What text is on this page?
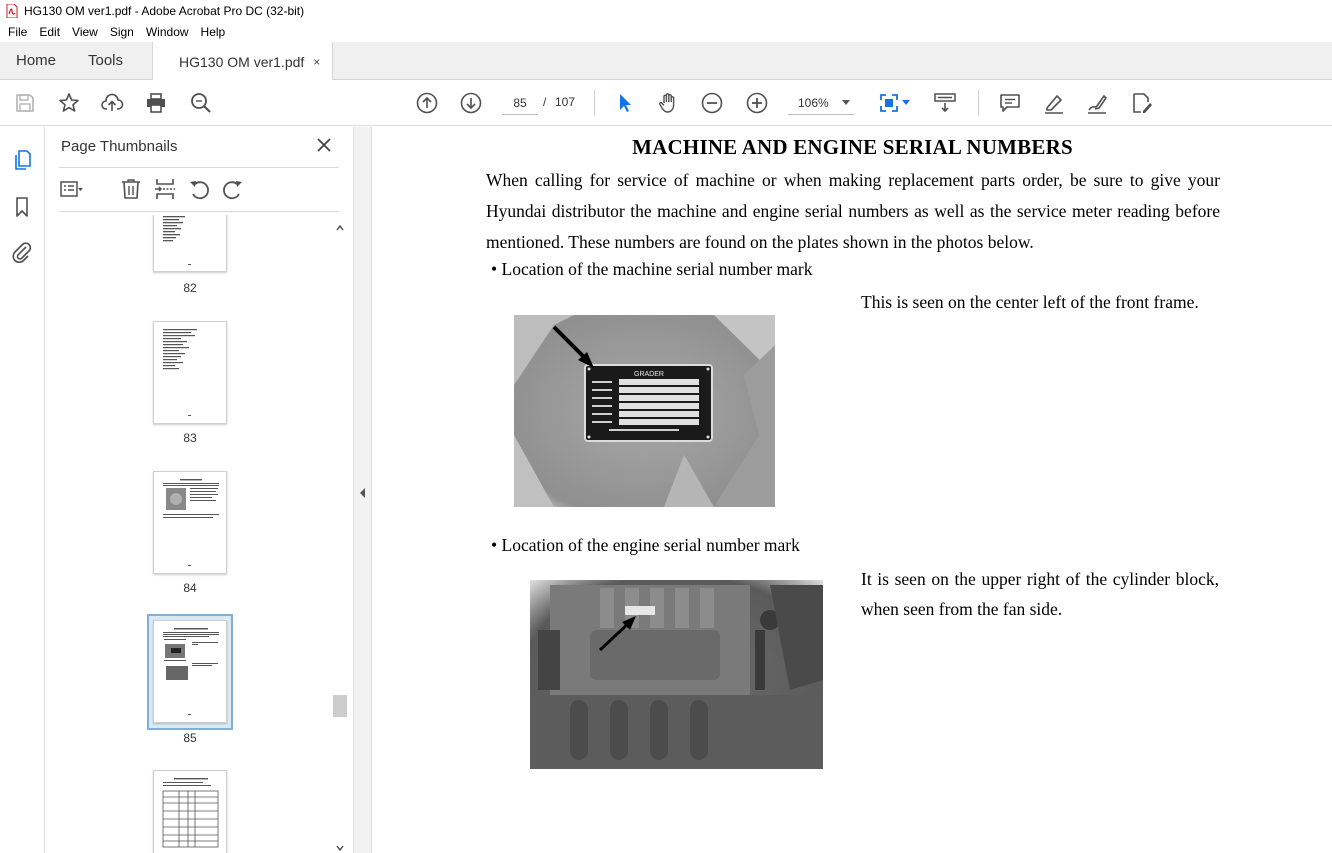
HG130 OM ver1.pdf - Adobe Acrobat Pro DC (32-bit)
File	Edit	View	Sign	Window	Help
Home Tools	HG130 OM ver1.pdf ×
85
/ 107	106%
Page Thumbnails
82
83
84
85
MACHINE AND ENGINE SERIAL NUMBERS
When calling for service of machine or when making replacement parts order, be sure to give your Hyundai distributor the machine and engine serial numbers as well as the service meter reading before mentioned. These numbers are found on the plates shown in the photos below.
• Location of the machine serial number mark
This is seen on the center left of the front frame.
GRADER
• Location of the engine serial number mark
It is seen on the upper right of the cylinder block, when seen from the fan side.
